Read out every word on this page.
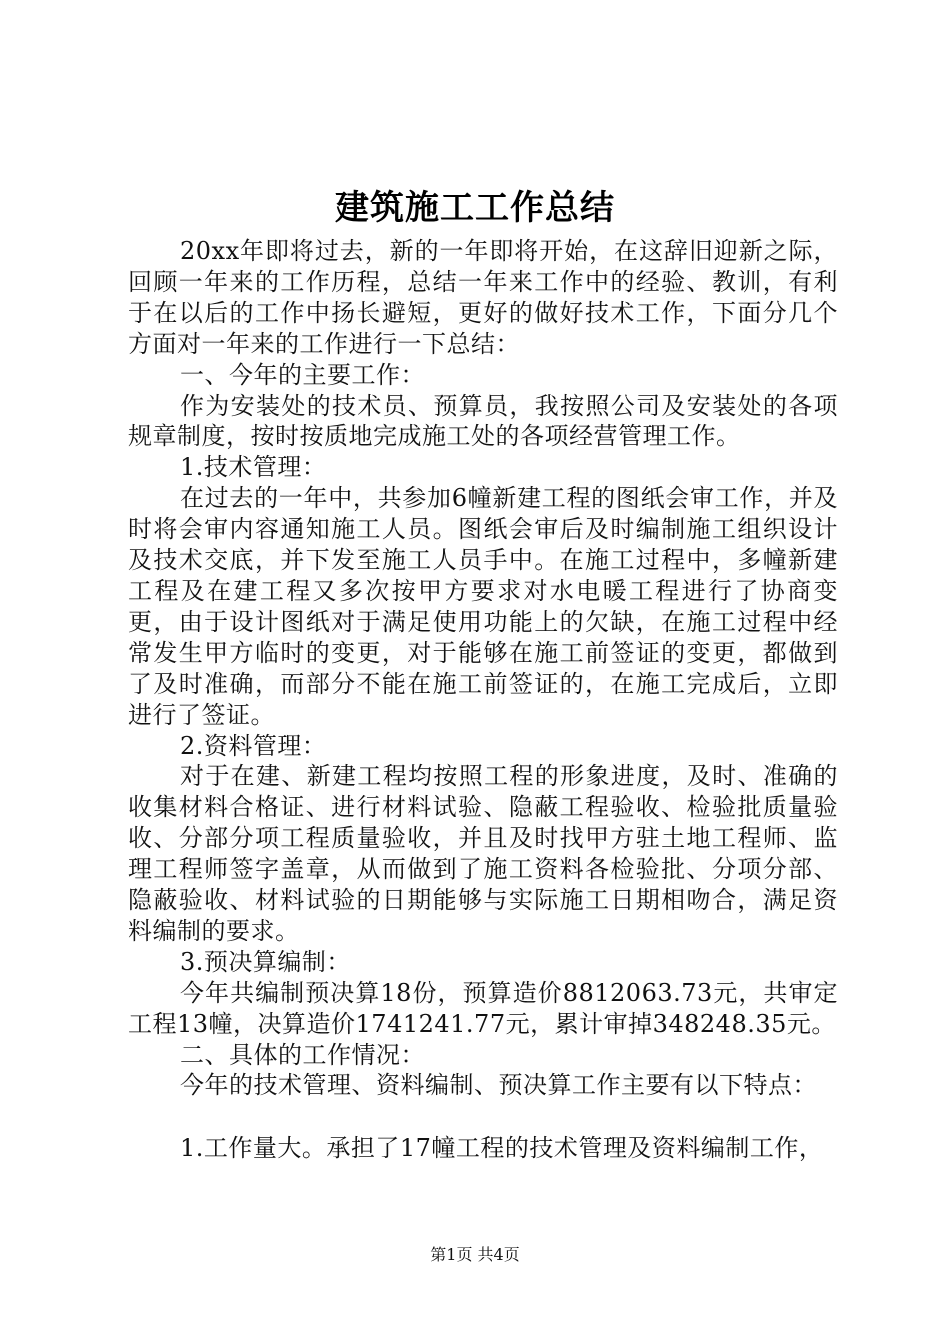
建筑施工工作总结

20xx年即将过去，新的一年即将开始，在这辞旧迎新之际，回顾一年来的工作历程，总结一年来工作中的经验、教训，有利于在以后的工作中扬长避短，更好的做好技术工作，下面分几个方面对一年来的工作进行一下总结：

一、今年的主要工作：

作为安装处的技术员、预算员，我按照公司及安装处的各项规章制度，按时按质地完成施工处的各项经营管理工作。

1.技术管理：

在过去的一年中，共参加6幢新建工程的图纸会审工作，并及时将会审内容通知施工人员。图纸会审后及时编制施工组织设计及技术交底，并下发至施工人员手中。在施工过程中，多幢新建工程及在建工程又多次按甲方要求对水电暖工程进行了协商变更，由于设计图纸对于满足使用功能上的欠缺，在施工过程中经常发生甲方临时的变更，对于能够在施工前签证的变更，都做到了及时准确，而部分不能在施工前签证的，在施工完成后，立即进行了签证。

2.资料管理：

对于在建、新建工程均按照工程的形象进度，及时、准确的收集材料合格证、进行材料试验、隐蔽工程验收、检验批质量验收、分部分项工程质量验收，并且及时找甲方驻土地工程师、监理工程师签字盖章，从而做到了施工资料各检验批、分项分部、隐蔽验收、材料试验的日期能够与实际施工日期相吻合，满足资料编制的要求。

3.预决算编制：

今年共编制预决算18份，预算造价8812063.73元，共审定工程13幢，决算造价1741241.77元，累计审掉348248.35元。

二、具体的工作情况：

今年的技术管理、资料编制、预决算工作主要有以下特点：

1.工作量大。承担了17幢工程的技术管理及资料编制工作，

第1页 共4页
